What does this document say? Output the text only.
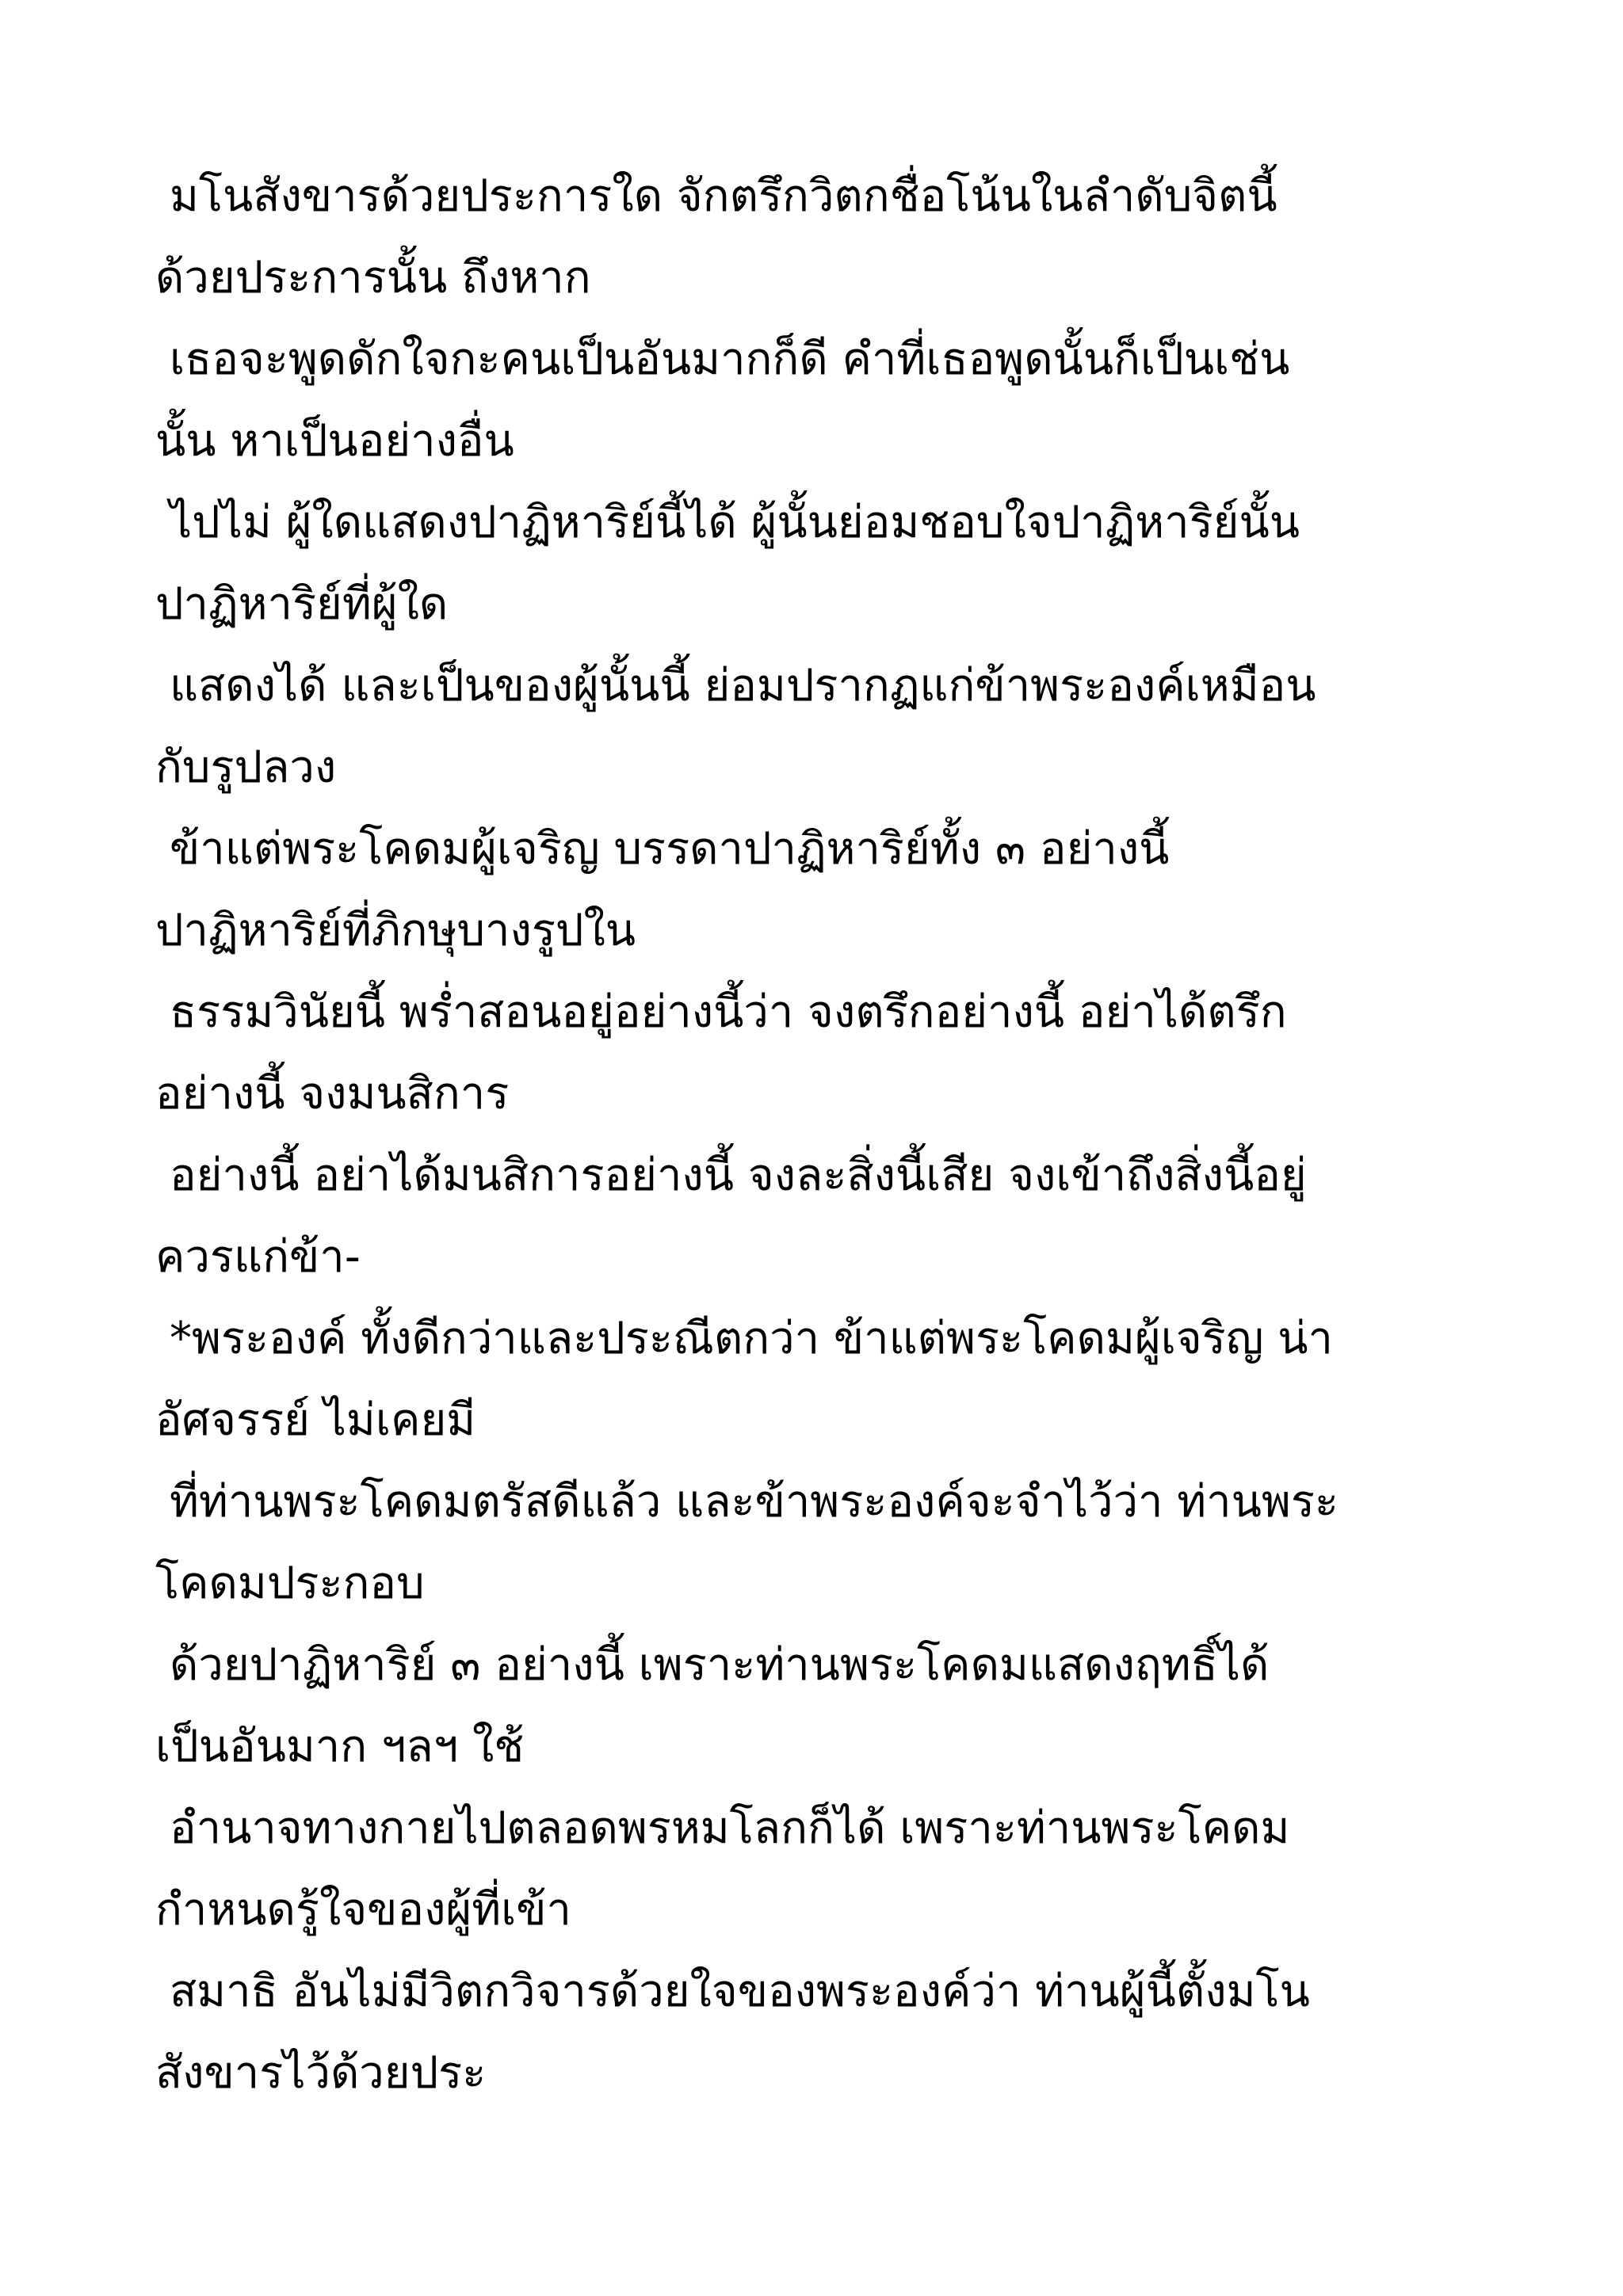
มโนสังขารด้วยประการใด จักตรึกวิตกชื่อโน้นในลำดับจิตนี้
ด้วยประการนั้น ถึงหาก

เธอจะพูดดักใจกะคนเป็นอันมากก็ดี คำที่เธอพูดนั้นก็เป็นเช่น
นั้น หาเป็นอย่างอื่น

ไปไม่ ผู้ใดแสดงปาฏิหาริย์นี้ได้ ผู้นั้นย่อมชอบใจปาฏิหาริย์นั้น
ปาฏิหาริย์ที่ผู้ใด

แสดงได้ และเป็นของผู้นั้นนี้ ย่อมปรากฏแก่ข้าพระองค์เหมือน
กับรูปลวง

ข้าแต่พระโคดมผู้เจริญ บรรดาปาฏิหาริย์ทั้ง ๓ อย่างนี้
ปาฏิหาริย์ที่ภิกษุบางรูปใน

ธรรมวินัยนี้ พร่ำสอนอยู่อย่างนี้ว่า จงตรึกอย่างนี้ อย่าได้ตรึก
อย่างนี้ จงมนสิการ

อย่างนี้ อย่าได้มนสิการอย่างนี้ จงละสิ่งนี้เสีย จงเข้าถึงสิ่งนี้อยู่
ควรแก่ข้า-

*พระองค์ ทั้งดีกว่าและประณีตกว่า ข้าแต่พระโคดมผู้เจริญ น่า
อัศจรรย์ ไม่เคยมี

ที่ท่านพระโคดมตรัสดีแล้ว และข้าพระองค์จะจำไว้ว่า ท่านพระ
โคดมประกอบ

ด้วยปาฏิหาริย์ ๓ อย่างนี้ เพราะท่านพระโคดมแสดงฤทธิ์ได้
เป็นอันมาก ฯลฯ ใช้

อำนาจทางกายไปตลอดพรหมโลกก็ได้ เพราะท่านพระโคดม
กำหนดรู้ใจของผู้ที่เข้า

สมาธิ อันไม่มีวิตกวิจารด้วยใจของพระองค์ว่า ท่านผู้นี้ตั้งมโน
สังขารไว้ด้วยประ
